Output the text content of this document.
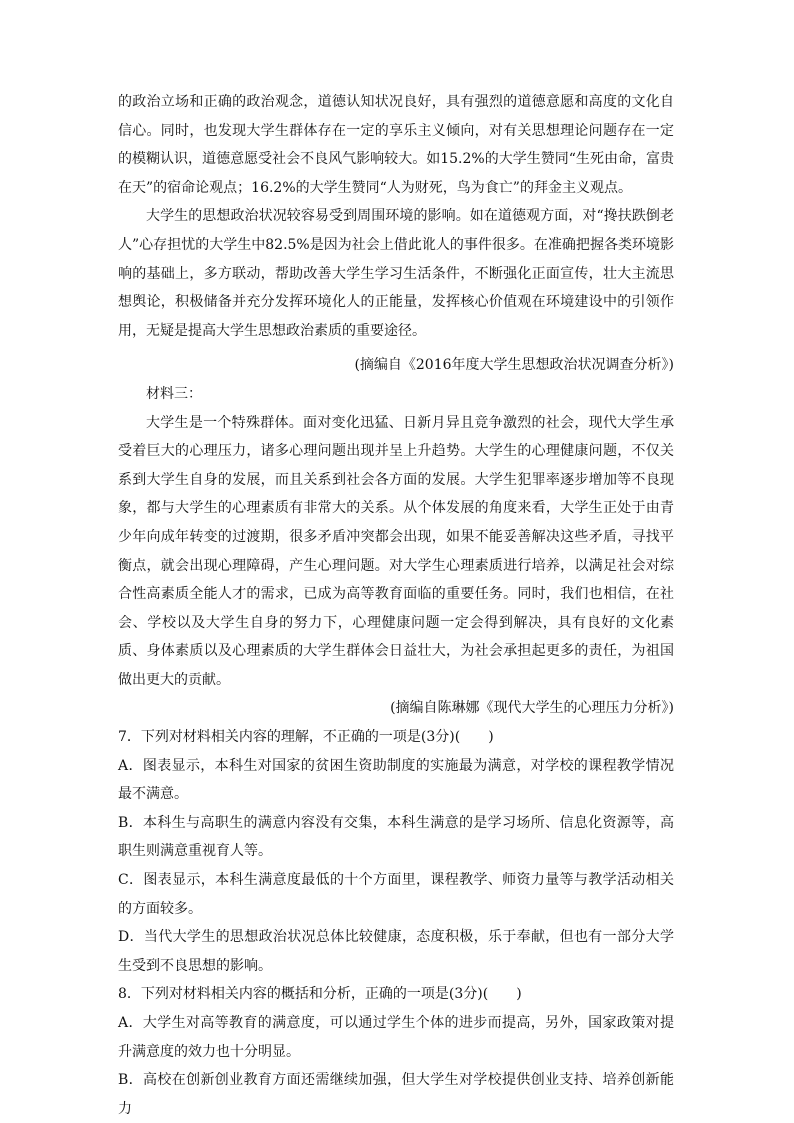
的政治立场和正确的政治观念，道德认知状况良好，具有强烈的道德意愿和高度的文化自信心。同时，也发现大学生群体存在一定的享乐主义倾向，对有关思想理论问题存在一定的模糊认识，道德意愿受社会不良风气影响较大。如15.2%的大学生赞同“生死由命，富贵在天”的宿命论观点；16.2%的大学生赞同“人为财死，鸟为食亡”的拜金主义观点。

大学生的思想政治状况较容易受到周围环境的影响。如在道德观方面，对“搀扶跌倒老人”心存担忧的大学生中82.5%是因为社会上借此讹人的事件很多。在准确把握各类环境影响的基础上，多方联动，帮助改善大学生学习生活条件，不断强化正面宣传，壮大主流思想舆论，积极储备并充分发挥环境化人的正能量，发挥核心价值观在环境建设中的引领作用，无疑是提高大学生思想政治素质的重要途径。

(摘编自《2016年度大学生思想政治状况调查分析》)

材料三：

大学生是一个特殊群体。面对变化迅猛、日新月异且竞争激烈的社会，现代大学生承受着巨大的心理压力，诸多心理问题出现并呈上升趋势。大学生的心理健康问题，不仅关系到大学生自身的发展，而且关系到社会各方面的发展。大学生犯罪率逐步增加等不良现象，都与大学生的心理素质有非常大的关系。从个体发展的角度来看，大学生正处于由青少年向成年转变的过渡期，很多矛盾冲突都会出现，如果不能妥善解决这些矛盾，寻找平衡点，就会出现心理障碍，产生心理问题。对大学生心理素质进行培养，以满足社会对综合性高素质全能人才的需求，已成为高等教育面临的重要任务。同时，我们也相信，在社会、学校以及大学生自身的努力下，心理健康问题一定会得到解决，具有良好的文化素质、身体素质以及心理素质的大学生群体会日益壮大，为社会承担起更多的责任，为祖国做出更大的贡献。

(摘编自陈琳娜《现代大学生的心理压力分析》)

7．下列对材料相关内容的理解，不正确的一项是(3分)(　　)

A．图表显示，本科生对国家的贫困生资助制度的实施最为满意，对学校的课程教学情况最不满意。

B．本科生与高职生的满意内容没有交集，本科生满意的是学习场所、信息化资源等，高职生则满意重视育人等。

C．图表显示，本科生满意度最低的十个方面里，课程教学、师资力量等与教学活动相关的方面较多。

D．当代大学生的思想政治状况总体比较健康，态度积极，乐于奉献，但也有一部分大学生受到不良思想的影响。

8．下列对材料相关内容的概括和分析，正确的一项是(3分)(　　)

A．大学生对高等教育的满意度，可以通过学生个体的进步而提高，另外，国家政策对提升满意度的效力也十分明显。

B．高校在创新创业教育方面还需继续加强，但大学生对学校提供创业支持、培养创新能力
